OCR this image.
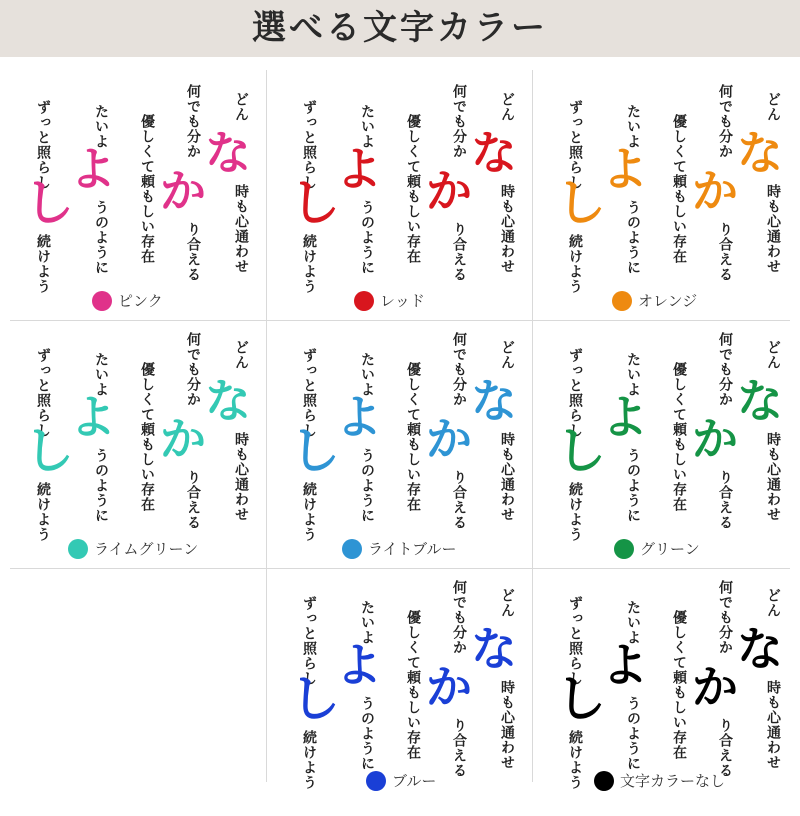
選べる文字カラー
どん
な
時も心通わせ
何でも分か
か
り合える
優しくて頼もしい存在
たいよ
よ
うのように
ずっと照らし
し
続けよう
ピンク
どん
な
時も心通わせ
何でも分か
か
り合える
優しくて頼もしい存在
たいよ
よ
うのように
ずっと照らし
し
続けよう
レッド
どん
な
時も心通わせ
何でも分か
か
り合える
優しくて頼もしい存在
たいよ
よ
うのように
ずっと照らし
し
続けよう
オレンジ
どん
な
時も心通わせ
何でも分か
か
り合える
優しくて頼もしい存在
たいよ
よ
うのように
ずっと照らし
し
続けよう
ライムグリーン
どん
な
時も心通わせ
何でも分か
か
り合える
優しくて頼もしい存在
たいよ
よ
うのように
ずっと照らし
し
続けよう
ライトブルー
どん
な
時も心通わせ
何でも分か
か
り合える
優しくて頼もしい存在
たいよ
よ
うのように
ずっと照らし
し
続けよう
グリーン
どん
な
時も心通わせ
何でも分か
か
り合える
優しくて頼もしい存在
たいよ
よ
うのように
ずっと照らし
し
続けよう	ブルー
どん
な
時も心通わせ
何でも分か
か
り合える
優しくて頼もしい存在
たいよ
よ
うのように
ずっと照らし
し
続けよう 文字カラーなし
